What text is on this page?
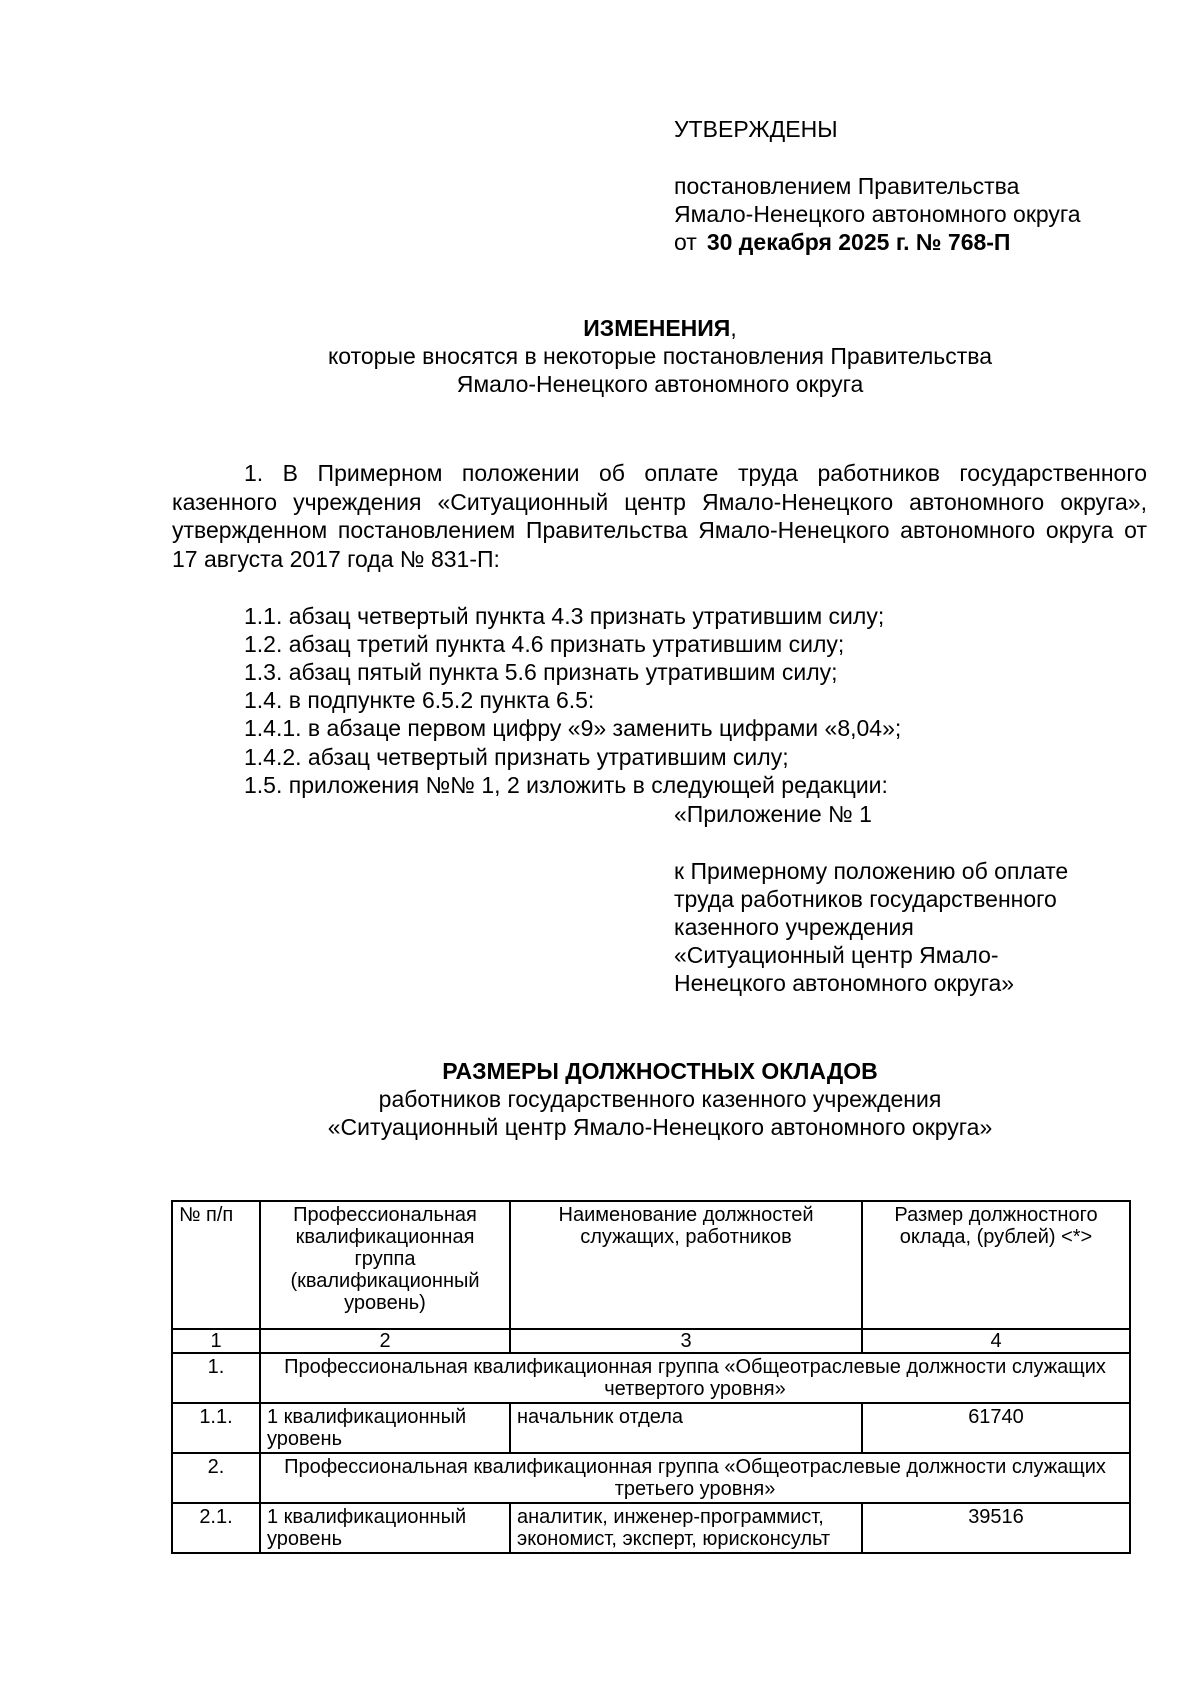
УТВЕРЖДЕНЫ
постановлением Правительства
Ямало-Ненецкого автономного округа
от 30 декабря 2025 г. № 768-П
ИЗМЕНЕНИЯ,
которые вносятся в некоторые постановления Правительства
Ямало-Ненецкого автономного округа
1. В Примерном положении об оплате труда работников государственного казенного учреждения «Ситуационный центр Ямало-Ненецкого автономного округа», утвержденном постановлением Правительства Ямало-Ненецкого автономного округа от 17 августа 2017 года № 831-П:
1.1. абзац четвертый пункта 4.3 признать утратившим силу;
1.2. абзац третий пункта 4.6 признать утратившим силу;
1.3. абзац пятый пункта 5.6 признать утратившим силу;
1.4. в подпункте 6.5.2 пункта 6.5:
1.4.1. в абзаце первом цифру «9» заменить цифрами «8,04»;
1.4.2. абзац четвертый признать утратившим силу;
1.5. приложения №№ 1, 2 изложить в следующей редакции:
«Приложение № 1
к Примерному положению об оплате
труда работников государственного
казенного учреждения
«Ситуационный центр Ямало-
Ненецкого автономного округа»
РАЗМЕРЫ ДОЛЖНОСТНЫХ ОКЛАДОВ
работников государственного казенного учреждения
«Ситуационный центр Ямало-Ненецкого автономного округа»
№ п/п	Профессиональная квалификационная группа (квалификационный уровень)	Наименование должностей служащих, работников	Размер должностного оклада, (рублей) <*>
1	2	3	4
1.	Профессиональная квалификационная группа «Общеотраслевые должности служащих четвертого уровня»		
1.1.	1 квалификационный уровень	начальник отдела	61740
2.	Профессиональная квалификационная группа «Общеотраслевые должности служащих третьего уровня»		
2.1.	1 квалификационный уровень	аналитик, инженер-программист, экономист, эксперт, юрисконсульт	39516
